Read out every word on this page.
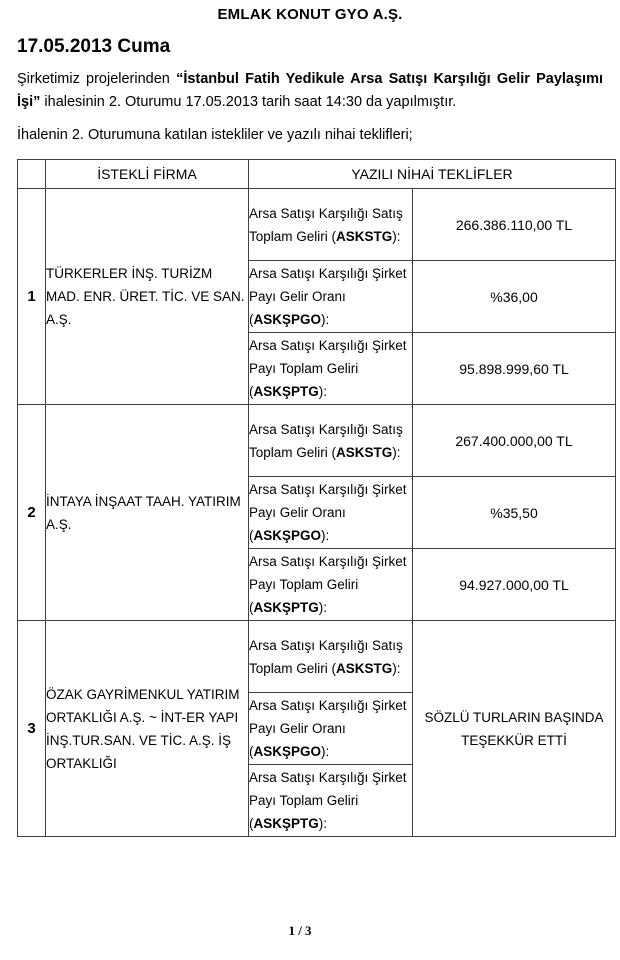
EMLAK KONUT GYO A.Ş.
17.05.2013 Cuma

Şirketimiz projelerinden “İstanbul Fatih Yedikule Arsa Satışı Karşılığı Gelir Paylaşımı İşi” ihalesinin 2. Oturumu 17.05.2013 tarih saat 14:30 da yapılmıştır.

İhalenin 2. Oturumuna katılan istekliler ve yazılı nihai teklifleri;

	İSTEKLİ FİRMA	YAZILI NİHAİ TEKLİFLER	
1	TÜRKERLER İNŞ. TURİZM MAD. ENR. ÜRET. TİC. VE SAN. A.Ş.	Arsa Satışı Karşılığı Satış Toplam Geliri (ASKSTG):	266.386.110,00 TL
		Arsa Satışı Karşılığı Şirket Payı Gelir Oranı (ASKŞPGO):	%36,00
		Arsa Satışı Karşılığı Şirket Payı Toplam Geliri (ASKŞPTG):	95.898.999,60 TL
2	İNTAYA İNŞAAT TAAH. YATIRIM A.Ş.	Arsa Satışı Karşılığı Satış Toplam Geliri (ASKSTG):	267.400.000,00 TL
		Arsa Satışı Karşılığı Şirket Payı Gelir Oranı (ASKŞPGO):	%35,50
		Arsa Satışı Karşılığı Şirket Payı Toplam Geliri (ASKŞPTG):	94.927.000,00 TL
3	ÖZAK GAYRİMENKUL YATIRIM ORTAKLIĞI A.Ş. ~ İNT-ER YAPI İNŞ.TUR.SAN. VE TİC. A.Ş. İŞ ORTAKLIĞI	Arsa Satışı Karşılığı Satış Toplam Geliri (ASKSTG):	SÖZLÜ TURLARIN BAŞINDA TEŞEKKÜR ETTİ
		Arsa Satışı Karşılığı Şirket Payı Gelir Oranı (ASKŞPGO):	
		Arsa Satışı Karşılığı Şirket Payı Toplam Geliri (ASKŞPTG):	
1 / 3
